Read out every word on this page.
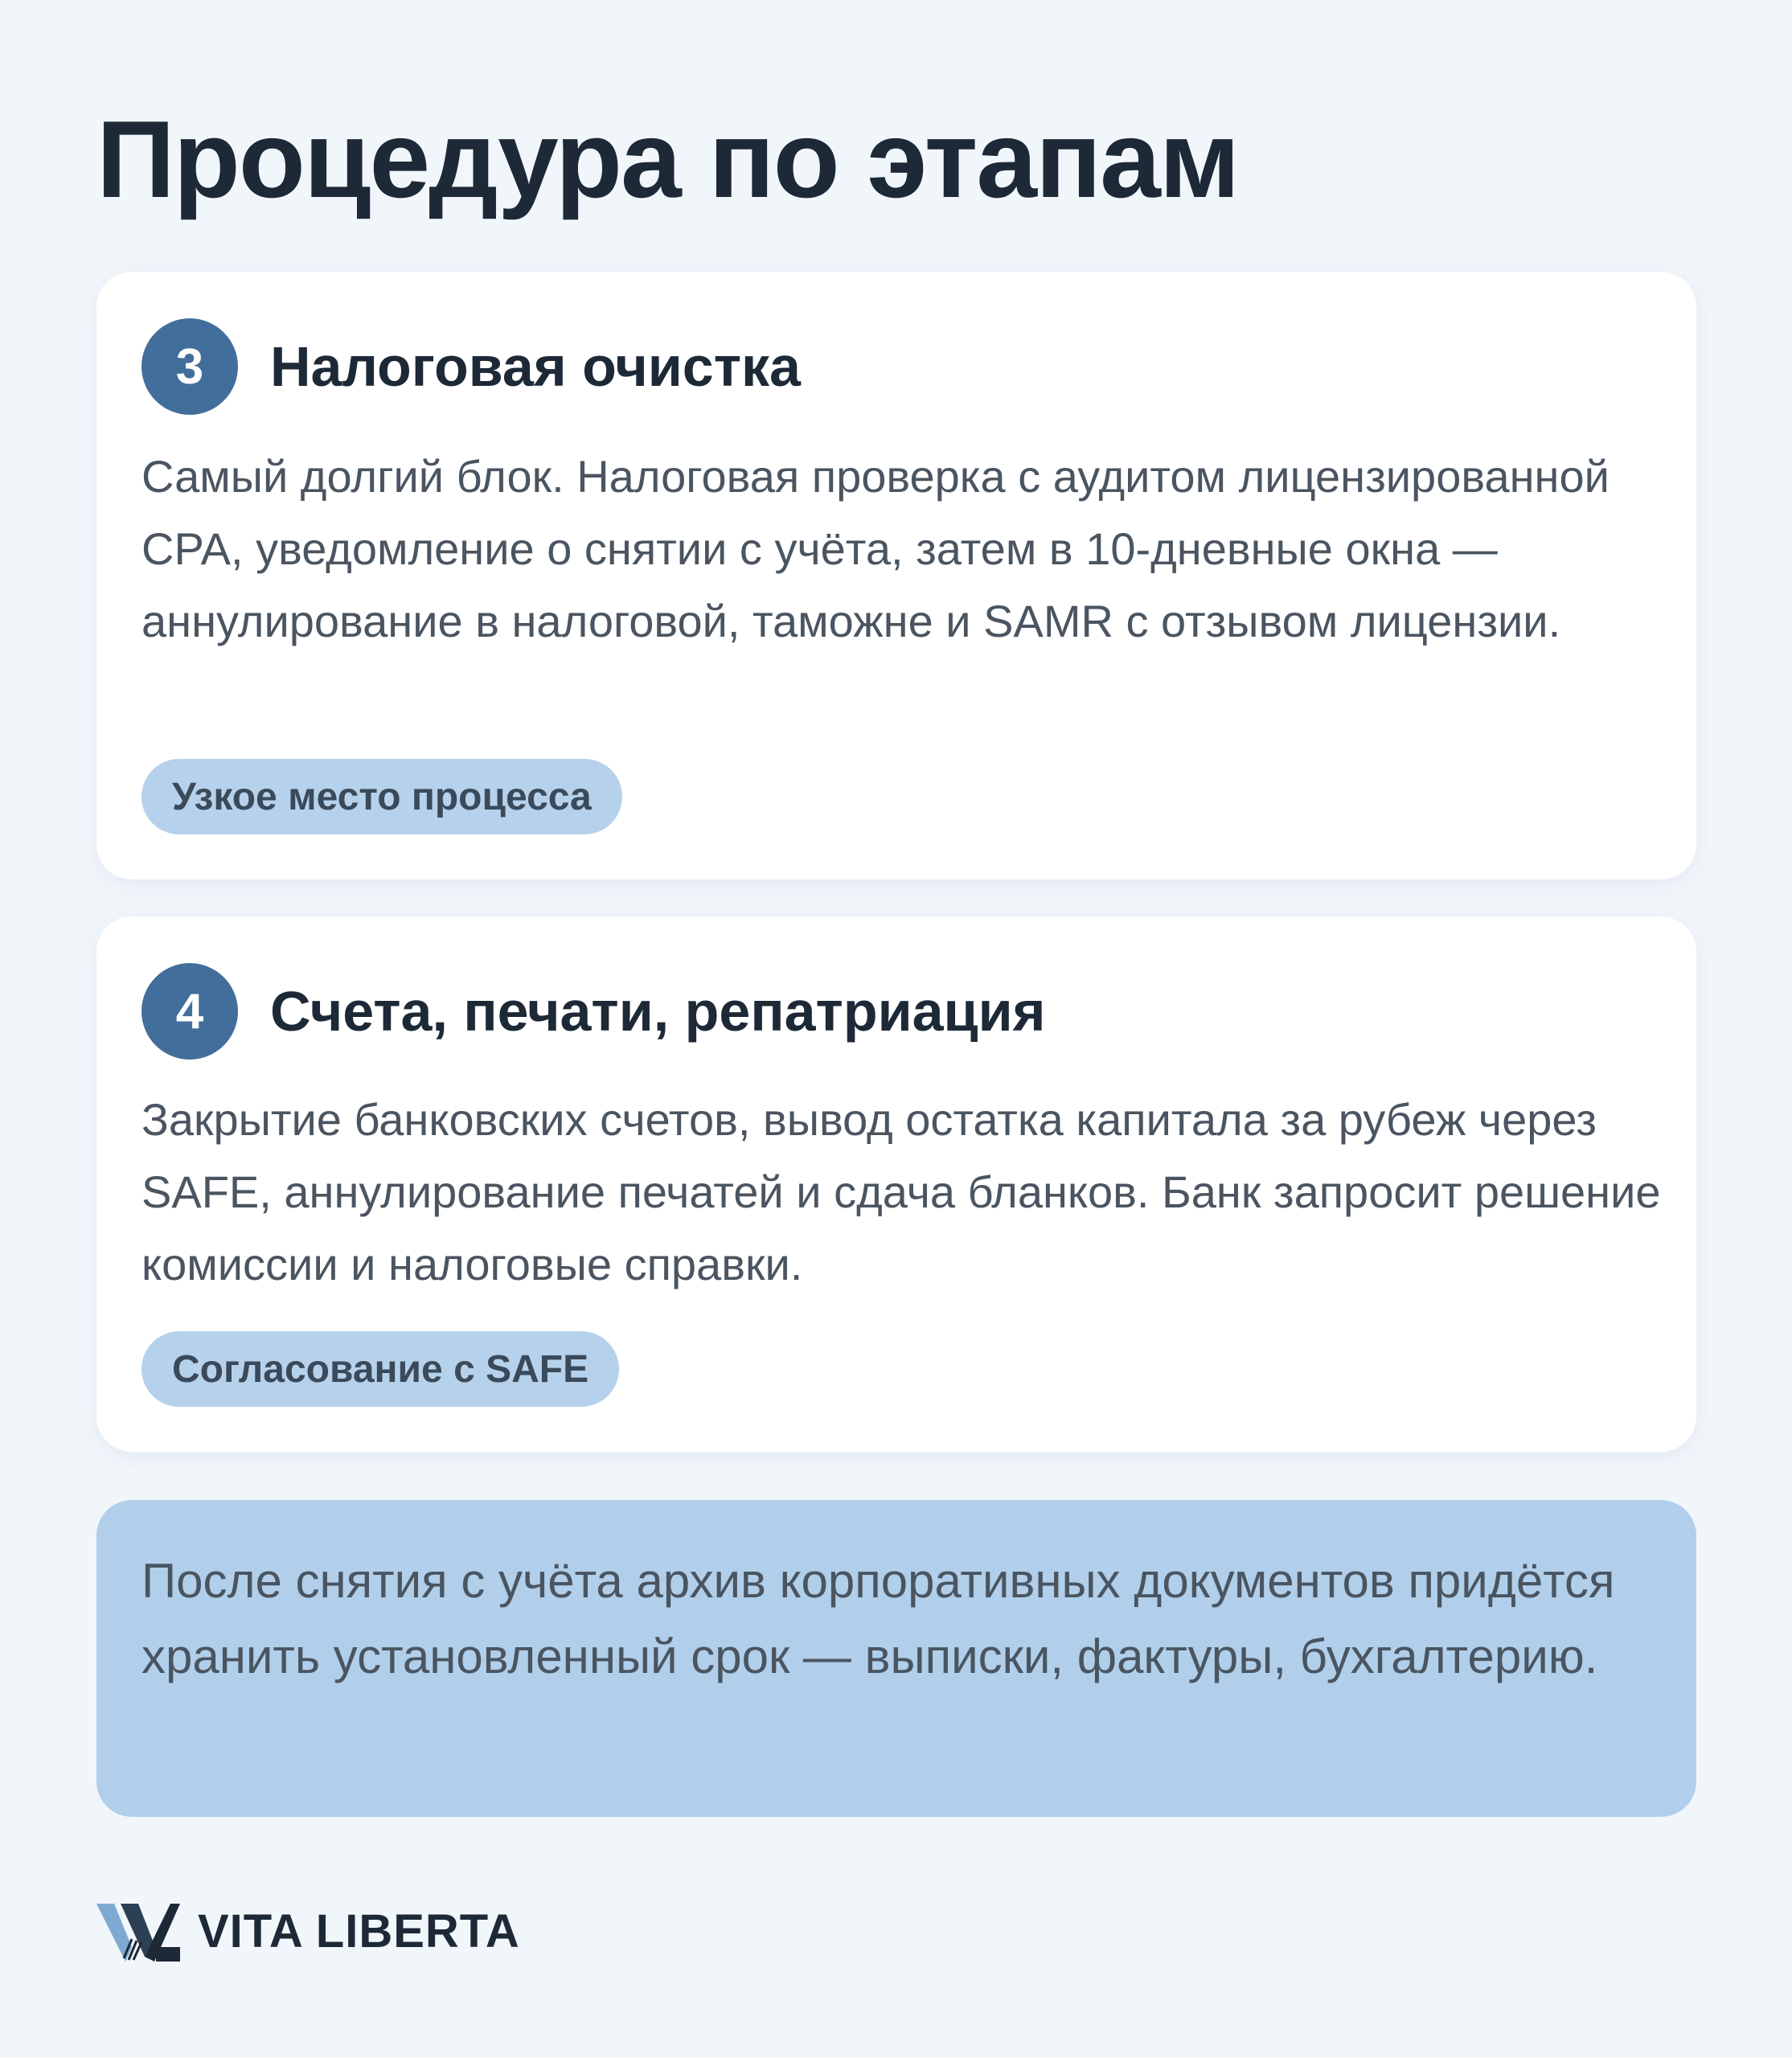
Процедура по этапам
3	Налоговая очистка

Самый долгий блок. Налоговая проверка с аудитом лицензированной CPA, уведомление о снятии с учёта, затем в 10-дневные окна — аннулирование в налоговой, таможне и SAMR с отзывом лицензии.

Узкое место процесса
4	Счета, печати, репатриация

Закрытие банковских счетов, вывод остатка капитала за рубеж через SAFE, аннулирование печатей и сдача бланков. Банк запросит решение комиссии и налоговые справки.

Согласование с SAFE

После снятия с учёта архив корпоративных документов придётся хранить установленный срок — выписки, фактуры, бухгалтерию.

VITA LIBERTA
